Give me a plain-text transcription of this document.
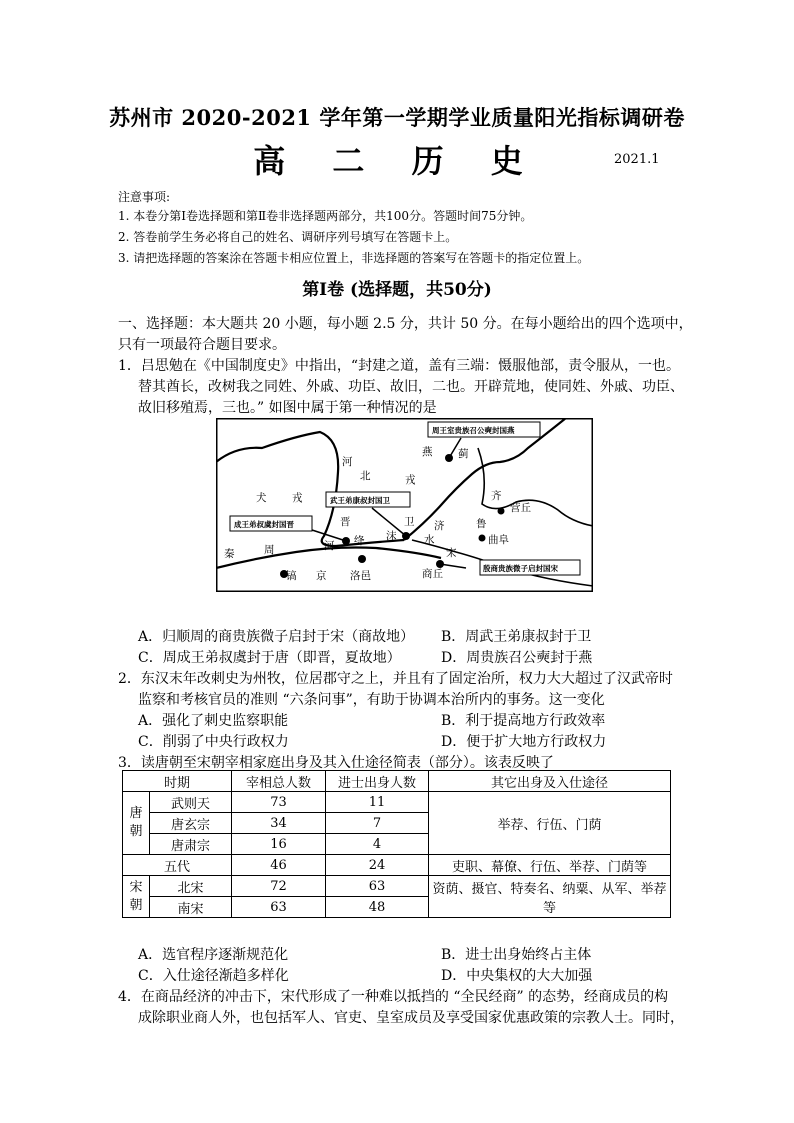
苏州市 2020-2021 学年第一学期学业质量阳光指标调研卷
高 二 历 史	2021.1
注意事项:
1. 本卷分第Ⅰ卷选择题和第Ⅱ卷非选择题两部分，共100分。答题时间75分钟。
2. 答卷前学生务必将自己的姓名、调研序列号填写在答题卡上。
3. 请把选择题的答案涂在答题卡相应位置上，非选择题的答案写在答题卡的指定位置上。
第Ⅰ卷 (选择题，共50分)
一、选择题：本大题共 20 小题，每小题 2.5 分，共计 50 分。在每小题给出的四个选项中，
只有一项最符合题目要求。
1．吕思勉在《中国制度史》中指出，“封建之道，盖有三端：慑服他部，责令服从，一也。
替其酋长，改树我之同姓、外戚、功臣、故旧，二也。开辟荒地，使同姓、外戚、功臣、
故旧移殖焉，三也。” 如图中属于第一种情况的是
周王室贵族召公奭封国燕
武王弟康叔封国卫
成王弟叔虞封国晋
殷商贵族微子启封国宋
河
北	戎
犬 戎
燕 蓟
齐
营丘
晋
绛
卫
沫
济
水
鲁
曲阜
宋
商丘
秦	周	河
镐 京 洛邑
A．归顺周的商贵族微子启封于宋（商故地） B．周武王弟康叔封于卫
C．周成王弟叔虞封于唐（即晋，夏故地）	D．周贵族召公奭封于燕
2．东汉末年改刺史为州牧，位居郡守之上，并且有了固定治所，权力大大超过了汉武帝时
监察和考核官员的准则 “六条问事”，有助于协调本治所内的事务。这一变化
A．强化了刺史监察职能	B．利于提高地方行政效率
C．削弱了中央行政权力	D．便于扩大地方行政权力
3．读唐朝至宋朝宰相家庭出身及其入仕途径简表（部分）。该表反映了
时期		宰相总人数	进士出身人数	其它出身及入仕途径
唐朝	武则天	73	11	举荐、行伍、门荫
	唐玄宗	34	7	
	唐肃宗	16	4	
五代		46	24	吏职、幕僚、行伍、举荐、门荫等
宋朝	北宋	72	63	资荫、摄官、特奏名、纳粟、从军、举荐等
	南宋	63	48	
A．选官程序逐渐规范化	B．进士出身始终占主体
C．入仕途径渐趋多样化	D．中央集权的大大加强
4．在商品经济的冲击下，宋代形成了一种难以抵挡的 “全民经商” 的态势，经商成员的构
成除职业商人外，也包括军人、官吏、皇室成员及享受国家优惠政策的宗教人士。同时，
